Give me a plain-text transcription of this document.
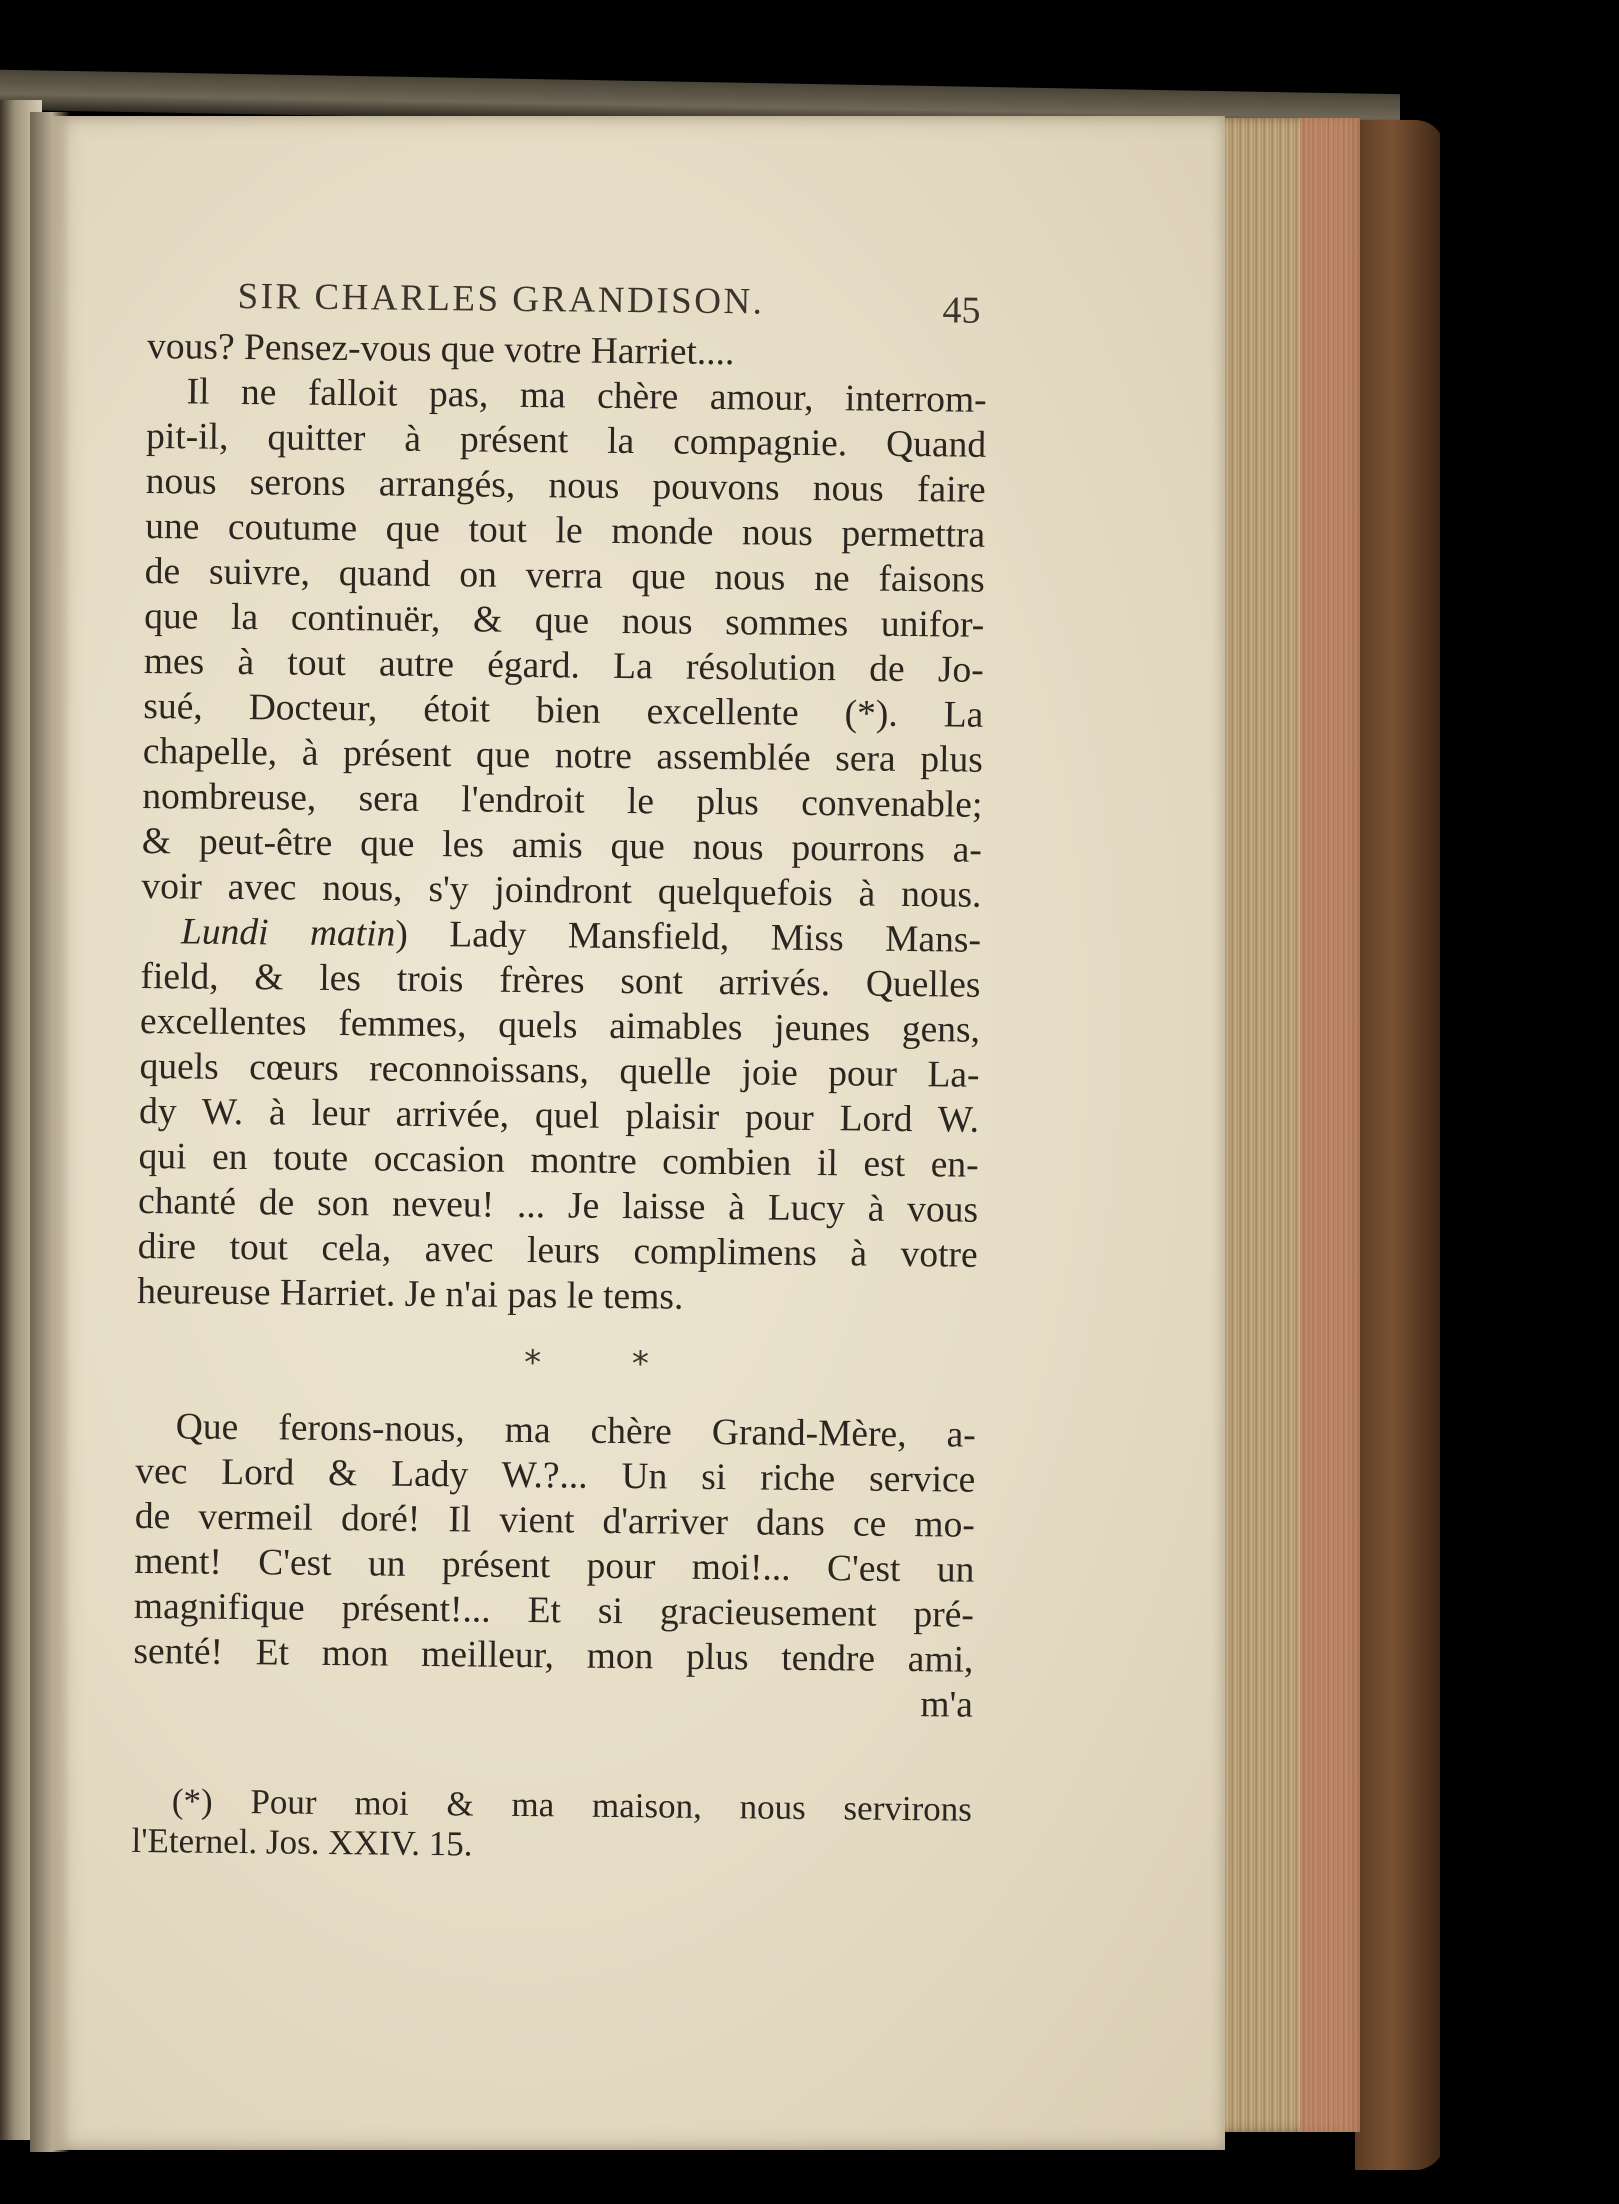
SIR CHARLES GRANDISON.	45
vous? Pensez-vous que votre Harriet....
Il ne falloit pas, ma chère amour, interrom-
pit-il, quitter à présent la compagnie. Quand
nous serons arrangés, nous pouvons nous faire
une coutume que tout le monde nous permettra
de suivre, quand on verra que nous ne faisons
que la continuër, & que nous sommes unifor-
mes à tout autre égard. La résolution de Jo-
sué, Docteur, étoit bien excellente (*). La
chapelle, à présent que notre assemblée sera plus
nombreuse, sera l'endroit le plus convenable;
& peut-être que les amis que nous pourrons a-
voir avec nous, s'y joindront quelquefois à nous.
Lundi matin) Lady Mansfield, Miss Mans-
field, & les trois frères sont arrivés. Quelles
excellentes femmes, quels aimables jeunes gens,
quels cœurs reconnoissans, quelle joie pour La-
dy W. à leur arrivée, quel plaisir pour Lord W.
qui en toute occasion montre combien il est en-
chanté de son neveu! ... Je laisse à Lucy à vous
dire tout cela, avec leurs complimens à votre
heureuse Harriet. Je n'ai pas le tems.
* *
Que ferons-nous, ma chère Grand-Mère, a-
vec Lord & Lady W.?... Un si riche service
de vermeil doré! Il vient d'arriver dans ce mo-
ment! C'est un présent pour moi!... C'est un
magnifique présent!... Et si gracieusement pré-
senté! Et mon meilleur, mon plus tendre ami,
m'a
(*) Pour moi & ma maison, nous servirons
l'Eternel. Jos. XXIV. 15.
